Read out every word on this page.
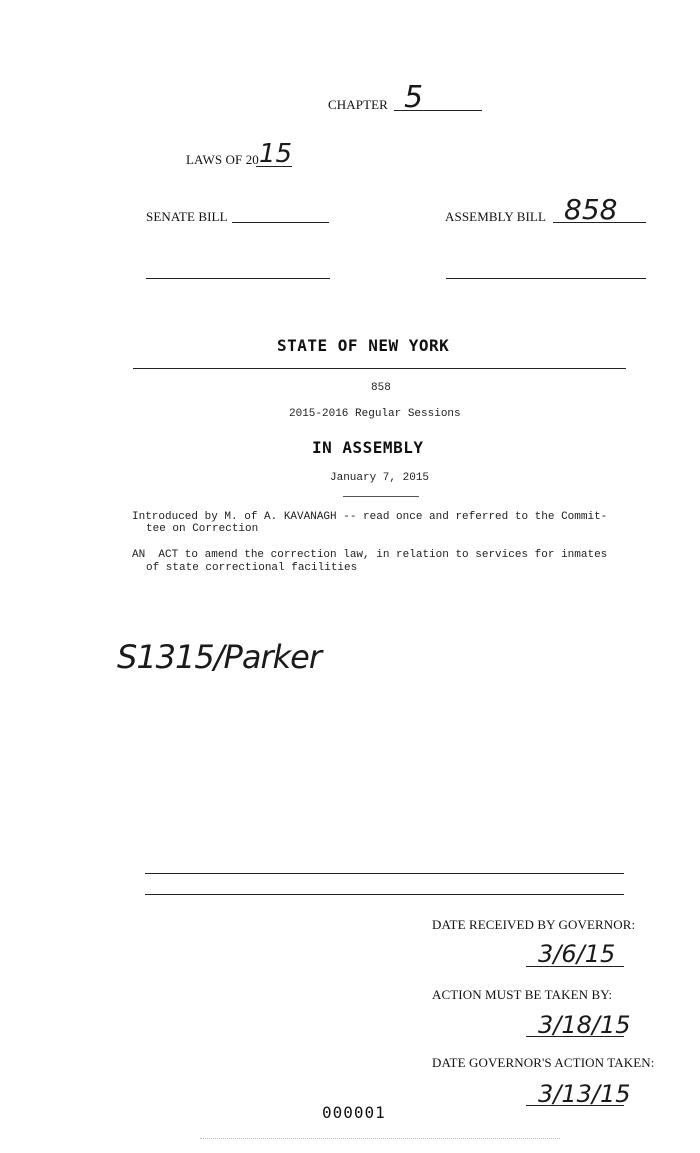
CHAPTER 5
LAWS OF 20 15
SENATE BILL	ASSEMBLY BILL 858
STATE OF NEW YORK
858
2015-2016 Regular Sessions
IN ASSEMBLY
January 7, 2015
Introduced by M. of A. KAVANAGH -- read once and referred to the Commit-
tee on Correction
AN  ACT to amend the correction law, in relation to services for inmates
of state correctional facilities
S1315/Parker
DATE RECEIVED BY GOVERNOR:
3/6/15
ACTION MUST BE TAKEN BY:
3/18/15
DATE GOVERNOR'S ACTION TAKEN:
3/13/15
000001
